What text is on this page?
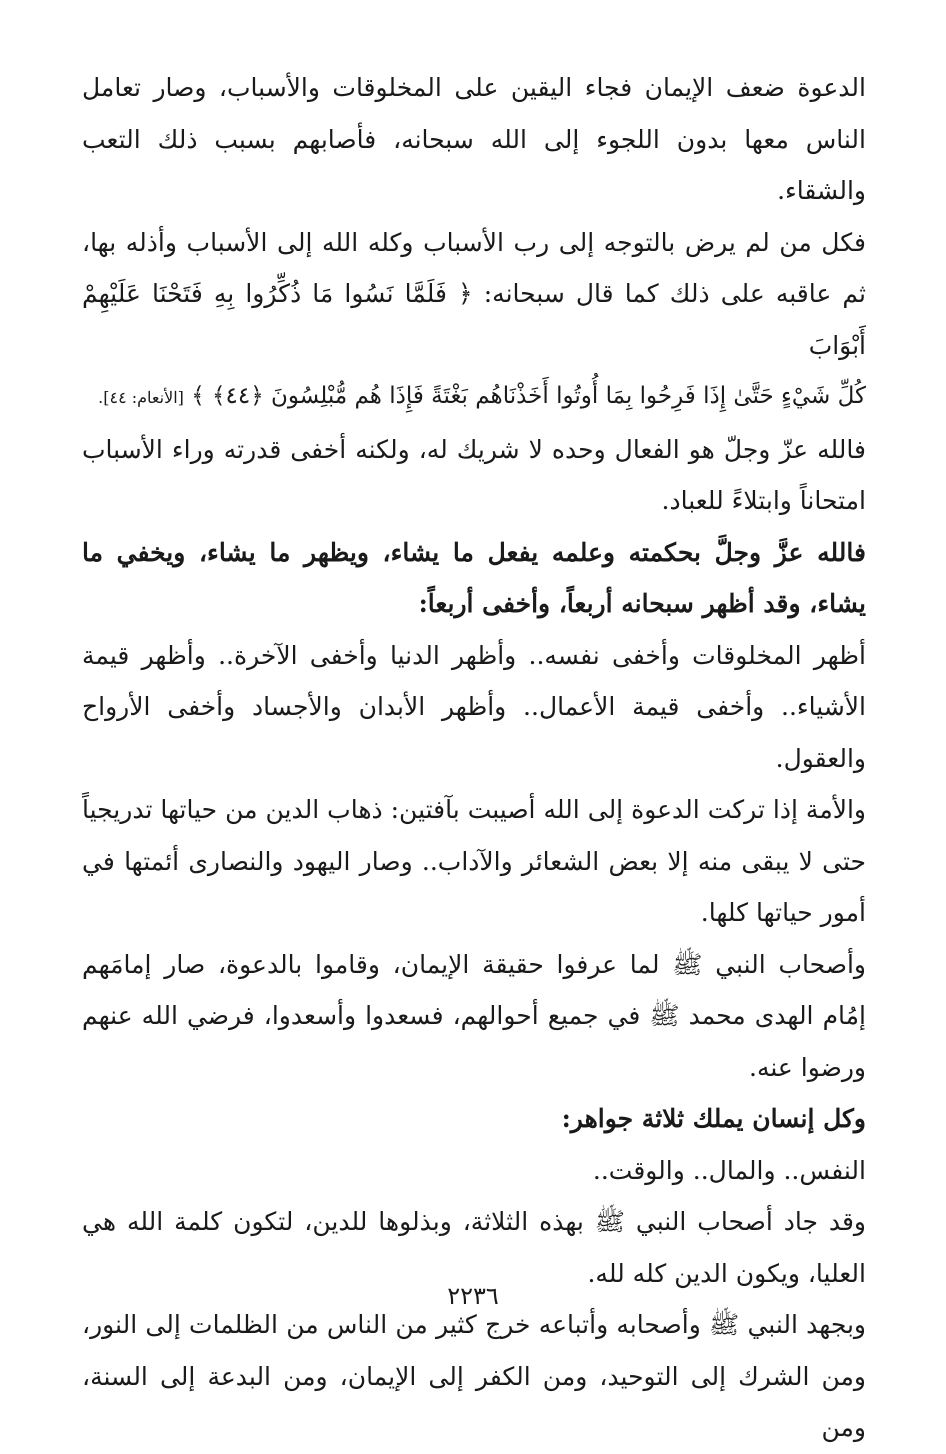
الدعوة ضعف الإيمان فجاء اليقين على المخلوقات والأسباب، وصار تعامل الناس معها بدون اللجوء إلى الله سبحانه، فأصابهم بسبب ذلك التعب والشقاء.

فكل من لم يرض بالتوجه إلى رب الأسباب وكله الله إلى الأسباب وأذله بها، ثم عاقبه على ذلك كما قال سبحانه: ﴿ فَلَمَّا نَسُوا مَا ذُكِّرُوا بِهِ فَتَحْنَا عَلَيْهِمْ أَبْوَابَ

كُلِّ شَيْءٍ حَتَّىٰ إِذَا فَرِحُوا بِمَا أُوتُوا أَخَذْنَاهُم بَغْتَةً فَإِذَا هُم مُّبْلِسُونَ ﴿٤٤﴾ ﴾ [الأنعام: ٤٤].

فالله عزّ وجلّ هو الفعال وحده لا شريك له، ولكنه أخفى قدرته وراء الأسباب امتحاناً وابتلاءً للعباد.

فالله عزَّ وجلَّ بحكمته وعلمه يفعل ما يشاء، ويظهر ما يشاء، ويخفي ما يشاء، وقد أظهر سبحانه أربعاً، وأخفى أربعاً:

أظهر المخلوقات وأخفى نفسه.. وأظهر الدنيا وأخفى الآخرة.. وأظهر قيمة الأشياء.. وأخفى قيمة الأعمال.. وأظهر الأبدان والأجساد وأخفى الأرواح والعقول.

والأمة إذا تركت الدعوة إلى الله أصيبت بآفتين: ذهاب الدين من حياتها تدريجياً حتى لا يبقى منه إلا بعض الشعائر والآداب.. وصار اليهود والنصارى أئمتها في أمور حياتها كلها.

وأصحاب النبي ﷺ لما عرفوا حقيقة الإيمان، وقاموا بالدعوة، صار إمامَهم إمُام الهدى محمد ﷺ في جميع أحوالهم، فسعدوا وأسعدوا، فرضي الله عنهم ورضوا عنه.

وكل إنسان يملك ثلاثة جواهر:

النفس.. والمال.. والوقت..

وقد جاد أصحاب النبي ﷺ بهذه الثلاثة، وبذلوها للدين، لتكون كلمة الله هي العليا، ويكون الدين كله لله.

وبجهد النبي ﷺ وأصحابه وأتباعه خرج كثير من الناس من الظلمات إلى النور، ومن الشرك إلى التوحيد، ومن الكفر إلى الإيمان، ومن البدعة إلى السنة، ومن

٢٢٣٦
